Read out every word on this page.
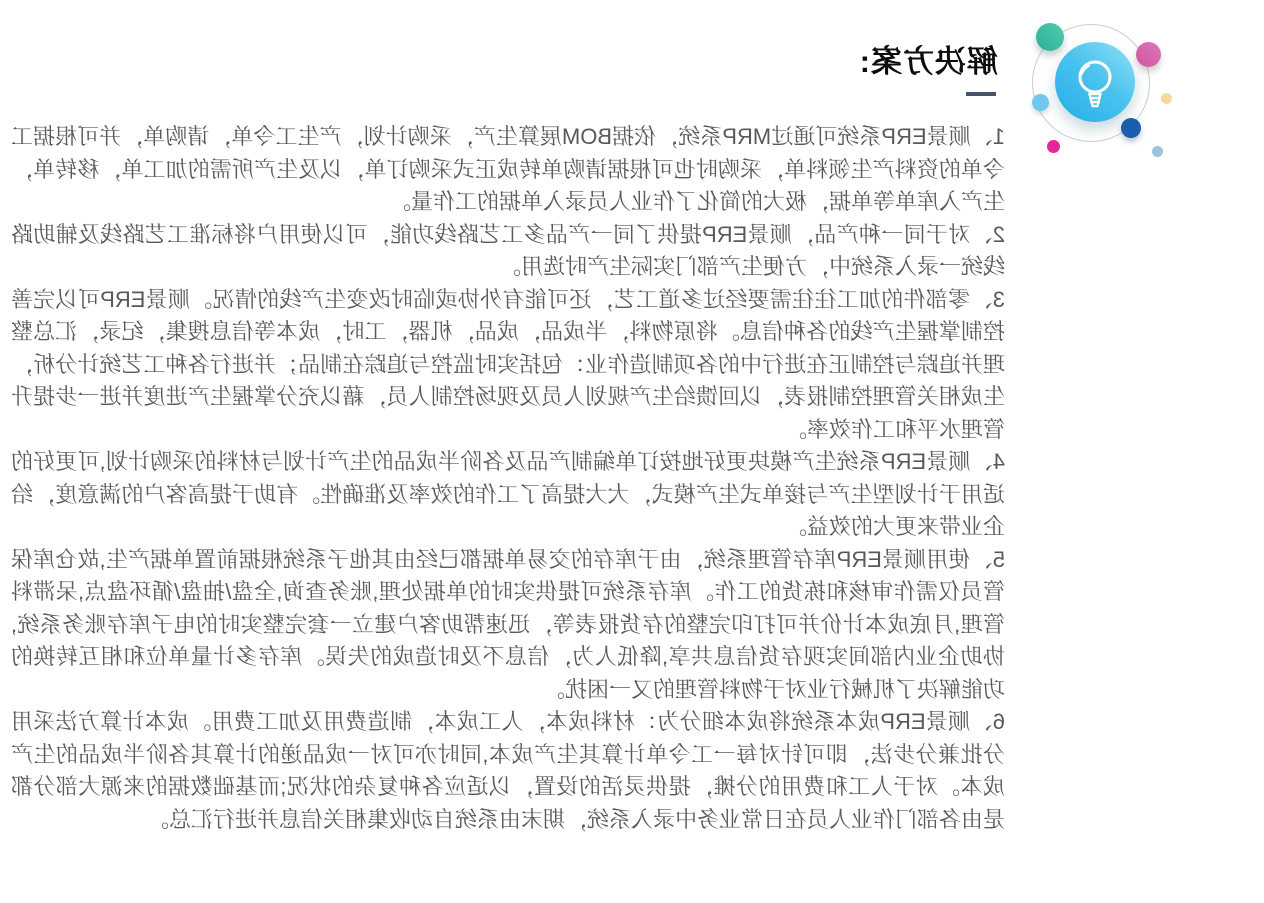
解决方案:

1、顺景ERP系统可通过MRP系统，依据BOM展算生产，采购计划，产生工令单，请购单，并可根据工令单的资料产生领料单，采购时也可根据请购单转成正式采购订单，以及生产所需的加工单，移转单，生产入库单等单据，极大的简化了作业人员录入单据的工作量。

2、对于同一种产品，顺景ERP提供了同一产品多工艺路线功能，可以使用户将标准工艺路线及辅助路线统一录入系统中，方便生产部门实际生产时选用。

3、零部件的加工往往需要经过多道工艺，还可能有外协或临时改变生产线的情况。顺景ERP可以完善控制掌握生产线的各种信息。将原物料，半成品，成品，机器，工时，成本等信息搜集，纪录，汇总整理并追踪与控制正在进行中的各项制造作业：包括实时监控与追踪在制品；并进行各种工艺统计分析，生成相关管理控制报表，以回馈给生产规划人员及现场控制人员，藉以充分掌握生产进度并进一步提升管理水平和工作效率。

4、顺景ERP系统生产模块更好地按订单编制产品及各阶半成品的生产计划与材料的采购计划,可更好的适用于计划型生产与接单式生产模式，大大提高了工作的效率及准确性。有助于提高客户的满意度，给企业带来更大的效益。

5、使用顺景ERP库存管理系统，由于库存的交易单据都已经由其他子系统根据前置单据产生,故仓库保管员仅需作审核和拣货的工作。库存系统可提供实时的单据处理,账务查询,全盘/抽盘/循环盘点,呆滞料管理,月底成本计价并可打印完整的存货报表等，迅速帮助客户建立一套完整实时的电子库存账务系统,协助企业内部间实现存货信息共享,降低人为，信息不及时造成的失误。库存多计量单位和相互转换的功能解决了机械行业对于物料管理的又一困扰。

6、顺景ERP成本系统将成本细分为：材料成本，人工成本，制造费用及加工费用。成本计算方法采用分批兼分步法，即可针对每一工令单计算其生产成本,同时亦可对一成品递的计算其各阶半成品的生产成本。对于人工和费用的分摊，提供灵活的设置，以适应各种复杂的状况;而基础数据的来源大部分都是由各部门作业人员在日常业务中录入系统，期末由系统自动收集相关信息并进行汇总。
